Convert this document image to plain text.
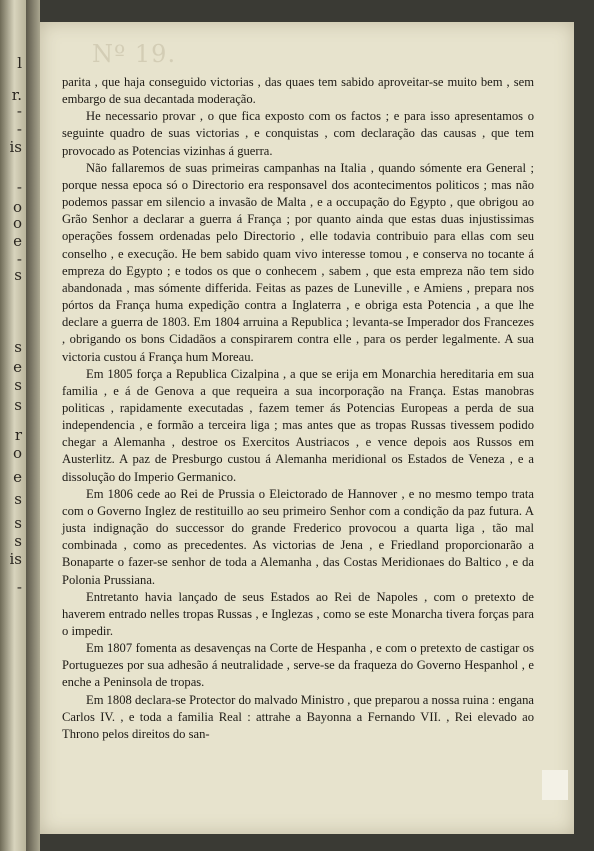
l
r.
-
-
is
-
o
o
e
-
s
s
e
s
s
r
o
e
s
s
s
is
-
Nº 19.

parita , que haja conseguido victorias , das quaes tem sabido aproveitar-se muito bem , sem embargo de sua decantada moderação.

He necessario provar , o que fica exposto com os factos ; e para isso apresentamos o seguinte quadro de suas victorias , e conquistas , com declaração das causas , que tem provocado as Potencias vizinhas á guerra.

Não fallaremos de suas primeiras campanhas na Italia , quando sómente era General ; porque nessa epoca só o Directorio era responsavel dos acontecimentos politicos ; mas não podemos passar em silencio a invasão de Malta , e a occupação do Egypto , que obrigou ao Grão Senhor a declarar a guerra á França ; por quanto ainda que estas duas injustissimas operações fossem ordenadas pelo Directorio , elle todavia contribuio para ellas com seu conselho , e execução. He bem sabido quam vivo interesse tomou , e conserva no tocante á empreza do Egypto ; e todos os que o conhecem , sabem , que esta empreza não tem sido abandonada , mas sómente differida. Feitas as pazes de Luneville , e Amiens , prepara nos pórtos da França huma expedição contra a Inglaterra , e obriga esta Potencia , a que lhe declare a guerra de 1803. Em 1804 arruina a Republica ; levanta-se Imperador dos Francezes , obrigando os bons Cidadãos a conspirarem contra elle , para os perder legalmente. A sua victoria custou á França hum Moreau.

Em 1805 força a Republica Cizalpina , a que se erija em Monarchia hereditaria em sua familia , e á de Genova a que requeira a sua incorporação na França. Estas manobras politicas , rapidamente executadas , fazem temer ás Potencias Europeas a perda de sua independencia , e formão a terceira liga ; mas antes que as tropas Russas tivessem podido chegar a Alemanha , destroe os Exercitos Austriacos , e vence depois aos Russos em Austerlitz. A paz de Presburgo custou á Alemanha meridional os Estados de Veneza , e a dissolução do Imperio Germanico.

Em 1806 cede ao Rei de Prussia o Eleictorado de Hannover , e no mesmo tempo trata com o Governo Inglez de restituillo ao seu primeiro Senhor com a condição da paz futura. A justa indignação do successor do grande Frederico provocou a quarta liga , tão mal combinada , como as precedentes. As victorias de Jena , e Friedland proporcionarão a Bonaparte o fazer-se senhor de toda a Alemanha , das Costas Meridionaes do Baltico , e da Polonia Prussiana.

Entretanto havia lançado de seus Estados ao Rei de Napoles , com o pretexto de haverem entrado nelles tropas Russas , e Inglezas , como se este Monarcha tivera forças para o impedir.

Em 1807 fomenta as desavenças na Corte de Hespanha , e com o pretexto de castigar os Portuguezes por sua adhesão á neutralidade , serve-se da fraqueza do Governo Hespanhol , e enche a Peninsola de tropas.

Em 1808 declara-se Protector do malvado Ministro , que preparou a nossa ruina : engana Carlos IV. , e toda a familia Real : attrahe a Bayonna a Fernando VII. , Rei elevado ao Throno pelos direitos do san-
